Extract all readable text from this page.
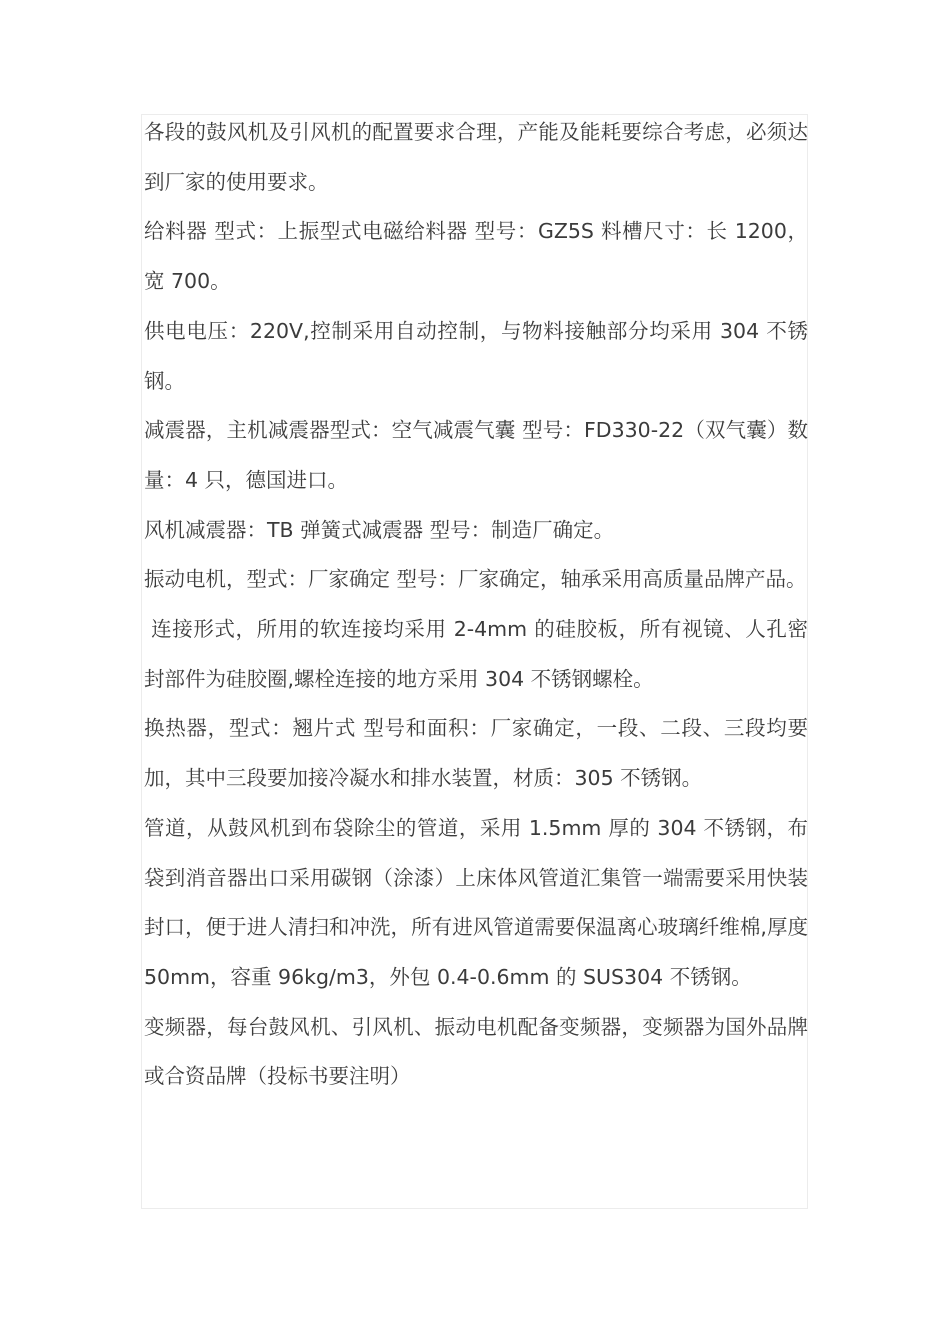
各段的鼓风机及引风机的配置要求合理，产能及能耗要综合考虑，必须达到厂家的使用要求。

给料器 型式：上振型式电磁给料器 型号：GZ5S 料槽尺寸：长 1200，宽 700。

供电电压：220V,控制采用自动控制，与物料接触部分均采用 304 不锈钢。

减震器，主机减震器型式：空气减震气囊 型号：FD330-22（双气囊）数量：4 只，德国进口。

风机减震器：TB 弹簧式减震器 型号：制造厂确定。

振动电机，型式：厂家确定 型号：厂家确定，轴承采用高质量品牌产品。

连接形式，所用的软连接均采用 2-4mm 的硅胶板，所有视镜、人孔密封部件为硅胶圈,螺栓连接的地方采用 304 不锈钢螺栓。

换热器，型式：翘片式 型号和面积：厂家确定，一段、二段、三段均要加，其中三段要加接冷凝水和排水装置，材质：305 不锈钢。

管道，从鼓风机到布袋除尘的管道，采用 1.5mm 厚的 304 不锈钢，布袋到消音器出口采用碳钢（涂漆）上床体风管道汇集管一端需要采用快装封口，便于进人清扫和冲洗，所有进风管道需要保温离心玻璃纤维棉,厚度 50mm，容重 96kg/m3，外包 0.4-0.6mm 的 SUS304 不锈钢。

变频器，每台鼓风机、引风机、振动电机配备变频器，变频器为国外品牌或合资品牌（投标书要注明）
